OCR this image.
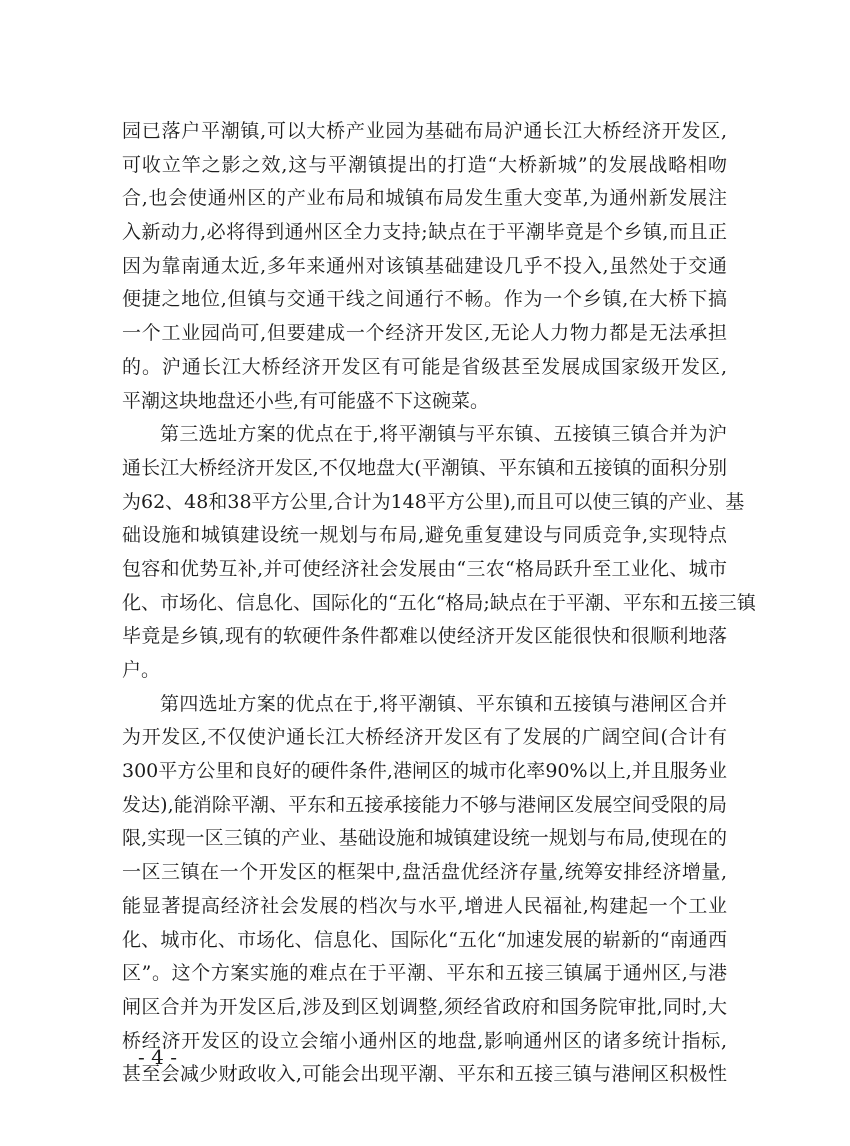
园已落户平潮镇,可以大桥产业园为基础布局沪通长江大桥经济开发区,
可收立竿之影之效,这与平潮镇提出的打造“大桥新城”的发展战略相吻
合,也会使通州区的产业布局和城镇布局发生重大变革,为通州新发展注
入新动力,必将得到通州区全力支持;缺点在于平潮毕竟是个乡镇,而且正
因为靠南通太近,多年来通州对该镇基础建设几乎不投入,虽然处于交通
便捷之地位,但镇与交通干线之间通行不畅。作为一个乡镇,在大桥下搞
一个工业园尚可,但要建成一个经济开发区,无论人力物力都是无法承担
的。沪通长江大桥经济开发区有可能是省级甚至发展成国家级开发区,
平潮这块地盘还小些,有可能盛不下这碗菜。
第三选址方案的优点在于,将平潮镇与平东镇、五接镇三镇合并为沪
通长江大桥经济开发区,不仅地盘大(平潮镇、平东镇和五接镇的面积分别
为62、48和38平方公里,合计为148平方公里),而且可以使三镇的产业、基
础设施和城镇建设统一规划与布局,避免重复建设与同质竞争,实现特点
包容和优势互补,并可使经济社会发展由“三农“格局跃升至工业化、城市
化、市场化、信息化、国际化的“五化“格局;缺点在于平潮、平东和五接三镇
毕竟是乡镇,现有的软硬件条件都难以使经济开发区能很快和很顺利地落
户。
第四选址方案的优点在于,将平潮镇、平东镇和五接镇与港闸区合并
为开发区,不仅使沪通长江大桥经济开发区有了发展的广阔空间(合计有
300平方公里和良好的硬件条件,港闸区的城市化率90%以上,并且服务业
发达),能消除平潮、平东和五接承接能力不够与港闸区发展空间受限的局
限,实现一区三镇的产业、基础设施和城镇建设统一规划与布局,使现在的
一区三镇在一个开发区的框架中,盘活盘优经济存量,统筹安排经济增量,
能显著提高经济社会发展的档次与水平,增进人民福祉,构建起一个工业
化、城市化、市场化、信息化、国际化“五化“加速发展的崭新的“南通西
区”。这个方案实施的难点在于平潮、平东和五接三镇属于通州区,与港
闸区合并为开发区后,涉及到区划调整,须经省政府和国务院审批,同时,大
桥经济开发区的设立会缩小通州区的地盘,影响通州区的诸多统计指标,
甚至会减少财政收入,可能会出现平潮、平东和五接三镇与港闸区积极性
- 4 -
